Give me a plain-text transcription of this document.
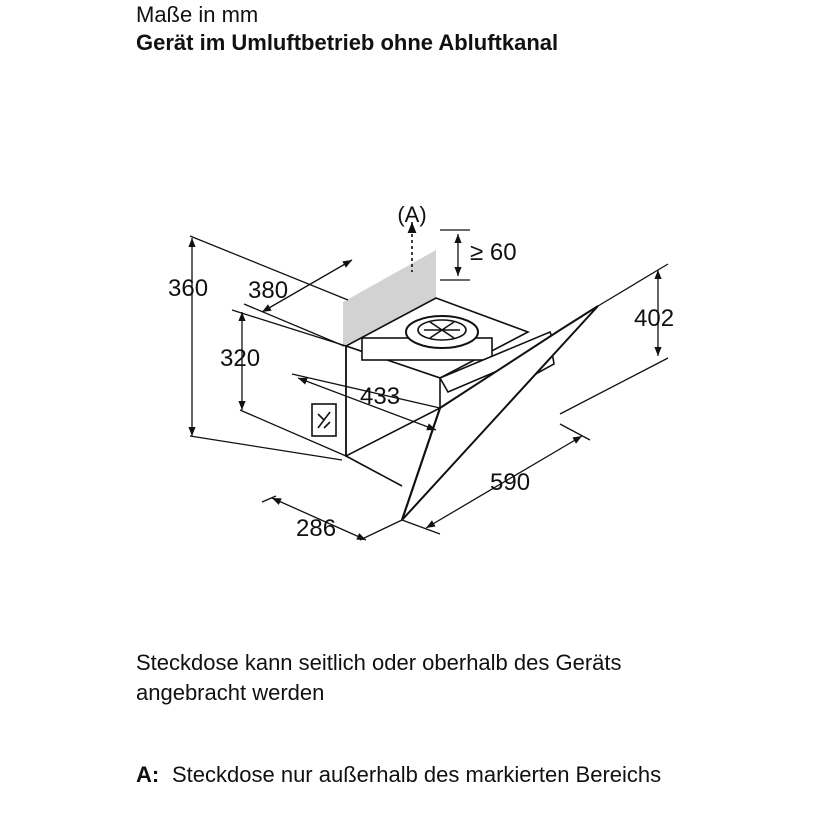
Maße in mm
Gerät im Umluftbetrieb ohne Abluftkanal
(A)
≥ 60
360 380
320
433
402
590
286
Steckdose kann seitlich oder oberhalb des Geräts angebracht werden
A: Steckdose nur außerhalb des markierten Bereichs
